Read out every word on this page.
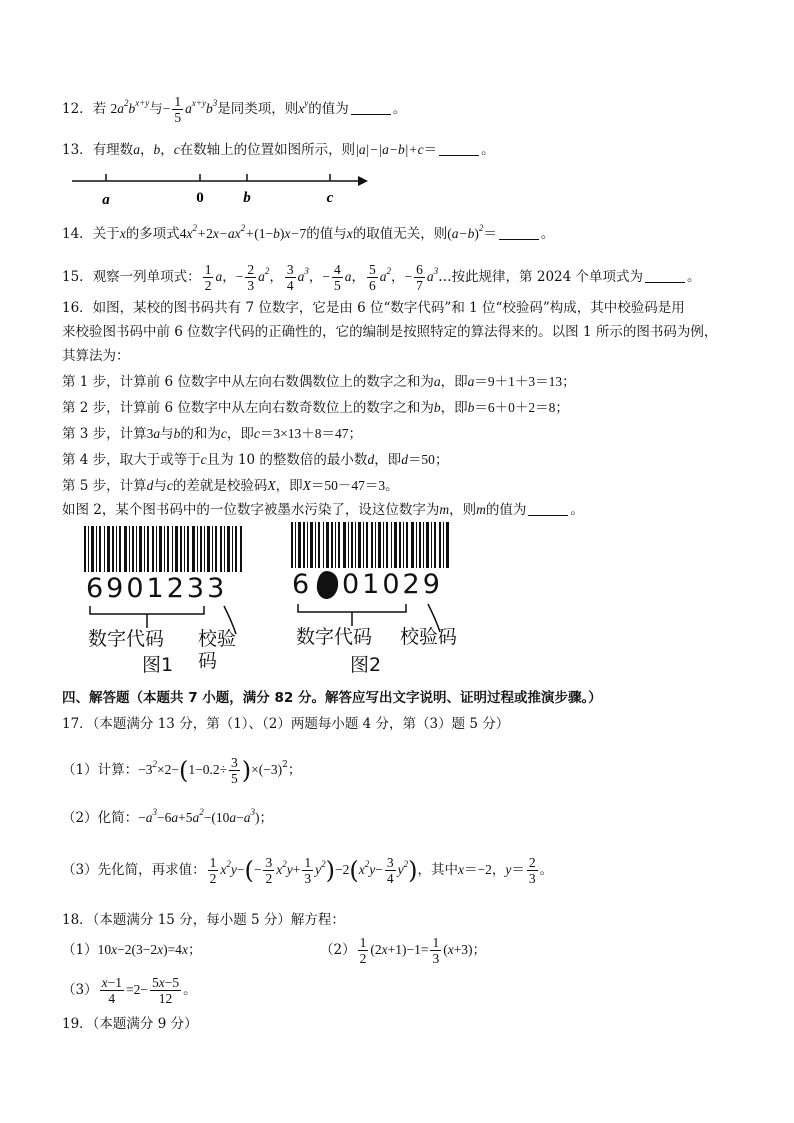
12．若 $2a^2b^{x+y}$与− $\frac{1}{5} a^{x+y}b^3$是同类项，则$x^y$的值为	。
13．有理数a，b，c在数轴上的位置如图所示，则|a|−|a−b|+c＝	。
a	0	b	c
14．关于x的多项式$4x^2+2x-ax^2+(1-b)x-7$的值与x的取值无关，则$(a-b)^2=$	。
15．观察一列单项式： $\frac{1}{2}$ a，− $\frac{2}{3} a^2$， $\frac{3}{4} a^3$，− $\frac{4}{5}$ a， $\frac{5}{6} a^2$，− $\frac{6}{7}$ $a^3\dots$按此规律，第 2024 个单项式为	。
16．如图，某校的图书码共有 7 位数字，它是由 6 位“数字代码”和 1 位“校验码”构成，其中校验码是用
来校验图书码中前 6 位数字代码的正确性的，它的编制是按照特定的算法得来的。以图 1 所示的图书码为例，
其算法为：
第 1 步，计算前 6 位数字中从左向右数偶数位上的数字之和为a，即a＝9＋1＋3＝13；
第 2 步，计算前 6 位数字中从左向右数奇数位上的数字之和为b，即b＝6＋0＋2＝8；
第 3 步，计算3a与b的和为c，即c＝3×13＋8＝47；
第 4 步，取大于或等于c且为 10 的整数倍的最小数d，即d＝50；
第 5 步，计算d与c的差就是校验码X，即X＝50－47＝3。
如图 2，某个图书码中的一位数字被墨水污染了，设这位数字为m，则m的值为	。
6901233
数字代码 校验码
图1
6 01029
数字代码 校验码
图2
四、解答题（本题共 7 小题，满分 82 分。解答应写出文字说明、证明过程或推演步骤。）
17．（本题满分 13 分，第（1）、（2）两题每小题 4 分，第（3）题 5 分）
（1）计算：$-3^2\times 2-(1-0.2\div \frac{3}{5} )\times(-3)^2$；
（2）化简：$-a^3-6a+5a^2-(10a-a^3)$；
（3）先化简，再求值： $\frac{1}{2} x^2y-(- \frac{3}{2} x^2y+ \frac{1}{3} y^2)-2(x^2y- \frac{3}{4} y^2)$，其中x＝−2，$y= \frac{2}{3}$ 。
18．（本题满分 15 分，每小题 5 分）解方程：
（1）10x−2(3−2x)=4x；	$(2) \frac{1}{2} (2x+1)-1= \frac{1}{3} (x+3)$；
$(3) \frac{x-1}{4} =2- \frac{5x-5}{12}$ 。
19．（本题满分 9 分）
